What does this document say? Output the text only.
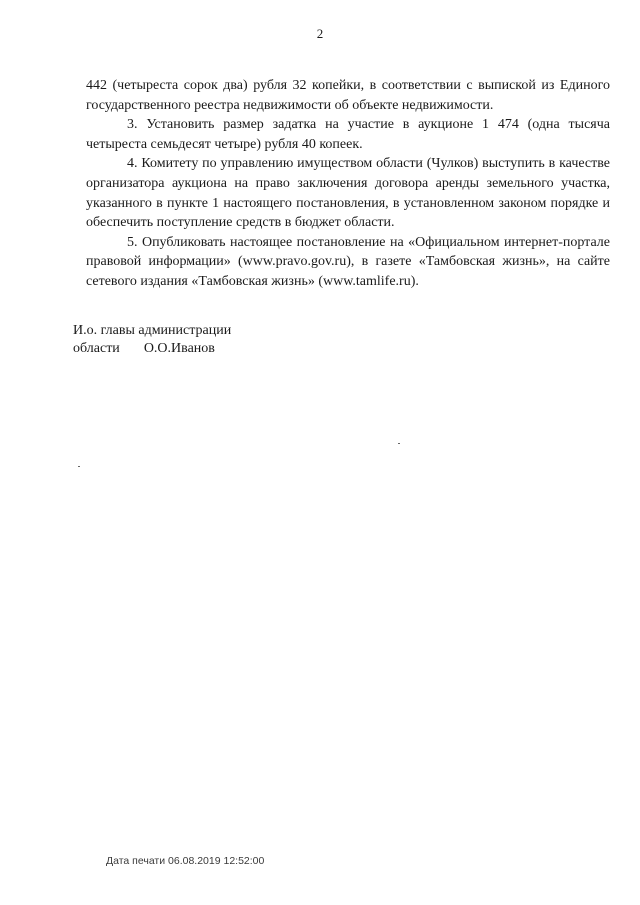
2

442 (четыреста сорок два) рубля 32 копейки, в соответствии с выпиской из Единого государственного реестра недвижимости об объекте недвижимости.

3. Установить размер задатка на участие в аукционе 1 474 (одна тысяча четыреста семьдесят четыре) рубля 40 копеек.

4. Комитету по управлению имуществом области (Чулков) выступить в качестве организатора аукциона на право заключения договора аренды земельного участка, указанного в пункте 1 настоящего постановления, в установленном законом порядке и обеспечить поступление средств в бюджет области.

5. Опубликовать настоящее постановление на «Официальном интернет-портале правовой информации» (www.pravo.gov.ru), в газете «Тамбовская жизнь», на сайте сетевого издания «Тамбовская жизнь» (www.tamlife.ru).

И.о. главы администрации
области О.О.Иванов
Дата печати 06.08.2019 12:52:00
